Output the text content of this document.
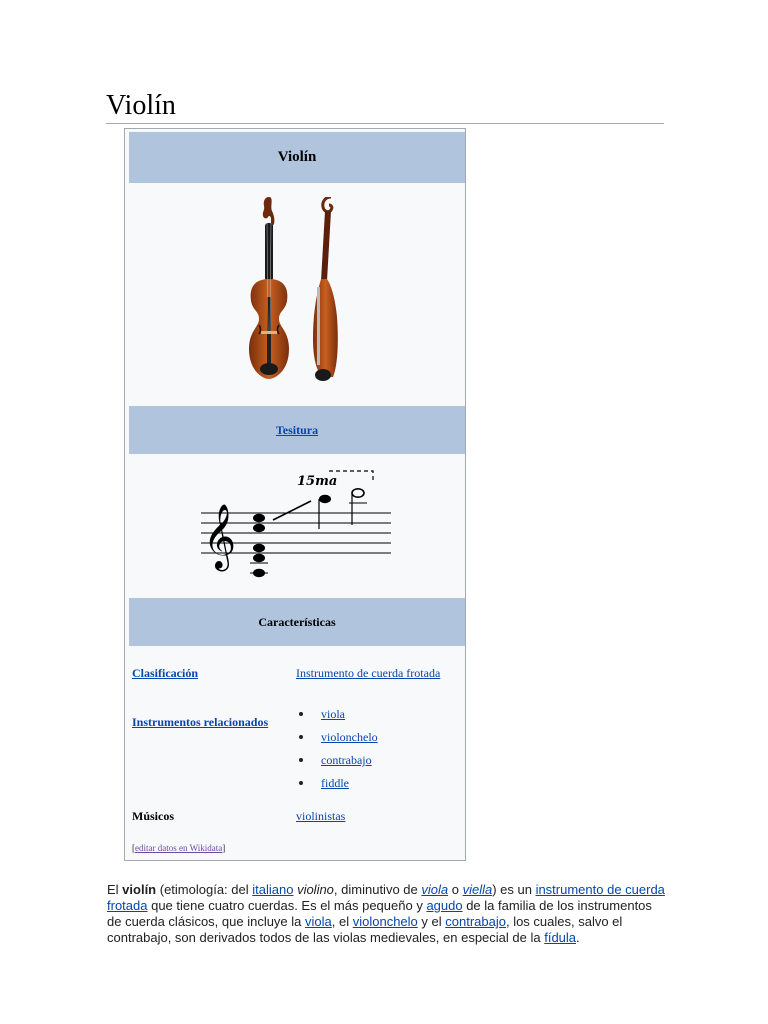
Violín
Violín
Tesitura
𝄞
15ma
Características
Clasificación	Instrumento de cuerda frotada
Instrumentos relacionados
viola
violonchelo
contrabajo
fiddle
Músicos	violinistas
[editar datos en Wikidata]

El violín (etimología: del italiano violino, diminutivo de viola o viella) es un instrumento de cuerda frotada que tiene cuatro cuerdas. Es el más pequeño y agudo de la familia de los instrumentos de cuerda clásicos, que incluye la viola, el violonchelo y el contrabajo, los cuales, salvo el contrabajo, son derivados todos de las violas medievales, en especial de la fídula.
